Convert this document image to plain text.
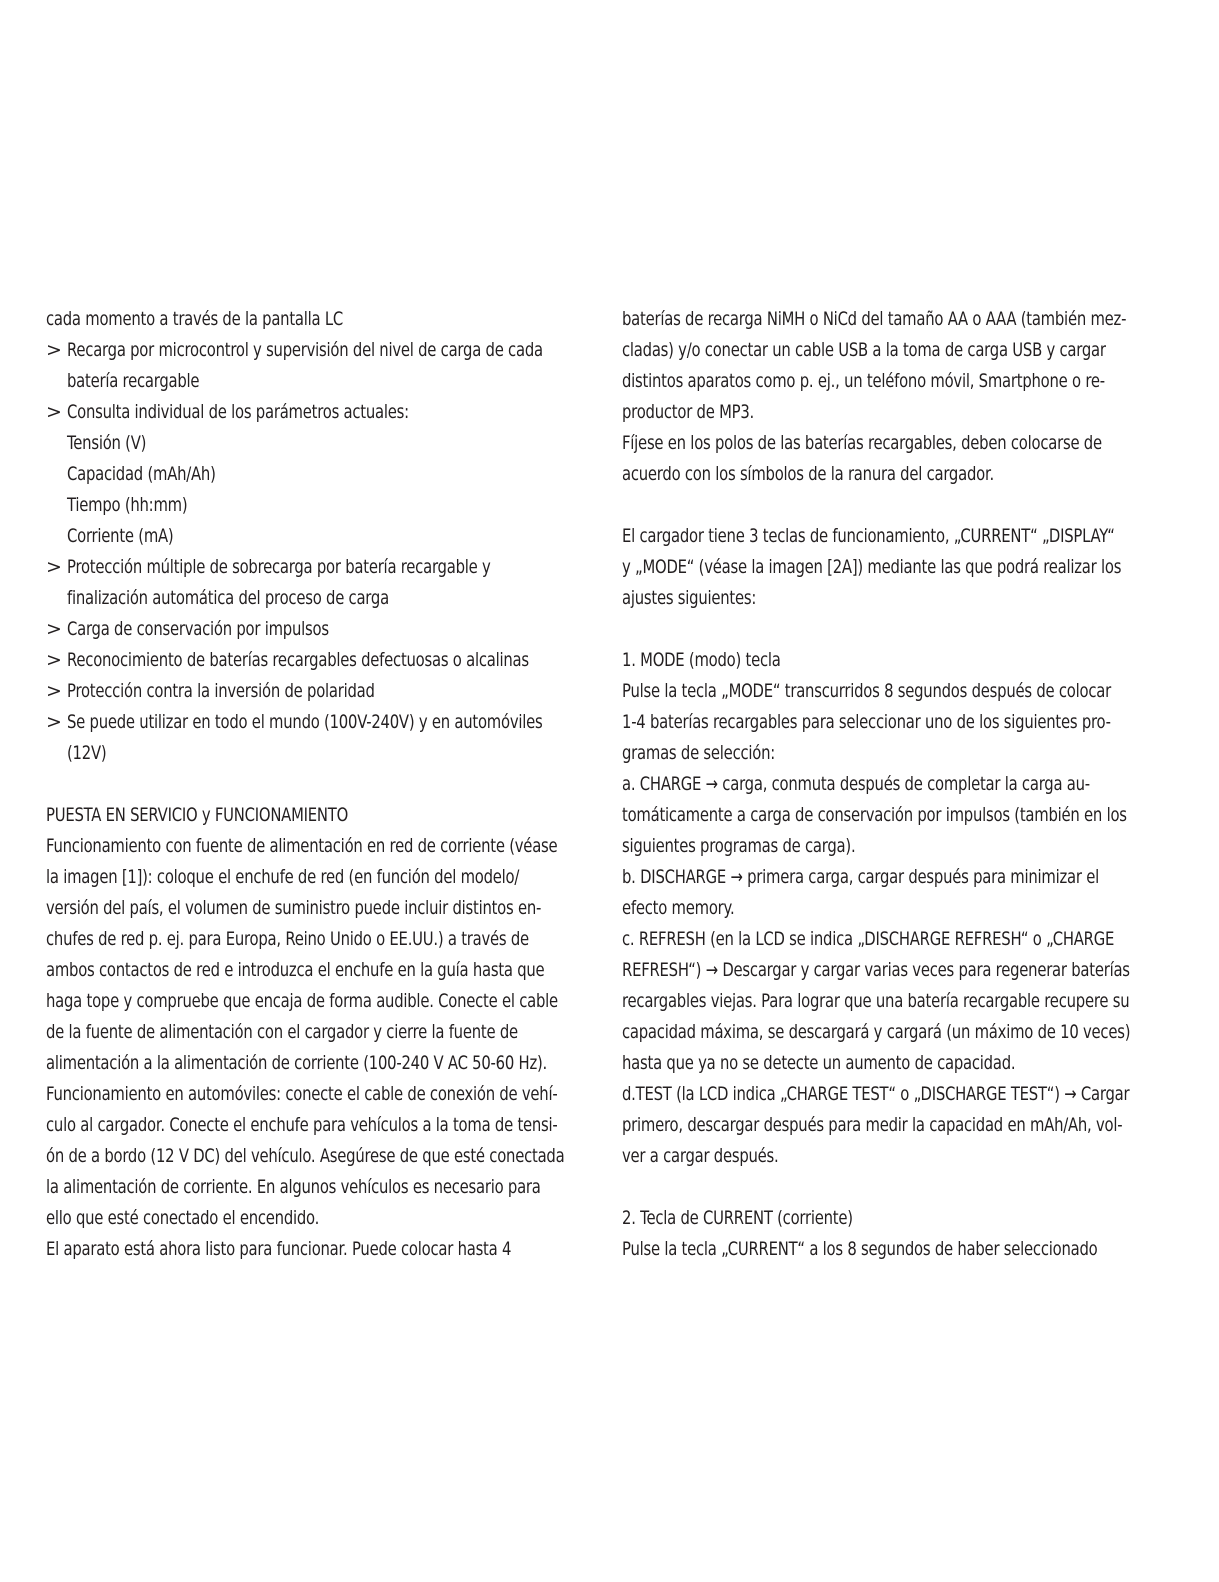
cada momento a través de la pantalla LC
> Recarga por microcontrol y supervisión del nivel de carga de cada
batería recargable
> Consulta individual de los parámetros actuales:
Tensión (V)
Capacidad (mAh/Ah)
Tiempo (hh:mm)
Corriente (mA)
> Protección múltiple de sobrecarga por batería recargable y
finalización automática del proceso de carga
> Carga de conservación por impulsos
> Reconocimiento de baterías recargables defectuosas o alcalinas
> Protección contra la inversión de polaridad
> Se puede utilizar en todo el mundo (100V-240V) y en automóviles
(12V)
PUESTA EN SERVICIO y FUNCIONAMIENTO
Funcionamiento con fuente de alimentación en red de corriente (véase
la imagen [1]): coloque el enchufe de red (en función del modelo/
versión del país, el volumen de suministro puede incluir distintos en-
chufes de red p. ej. para Europa, Reino Unido o EE.UU.) a través de
ambos contactos de red e introduzca el enchufe en la guía hasta que
haga tope y compruebe que encaja de forma audible. Conecte el cable
de la fuente de alimentación con el cargador y cierre la fuente de
alimentación a la alimentación de corriente (100-240 V AC 50-60 Hz).
Funcionamiento en automóviles: conecte el cable de conexión de vehí-
culo al cargador. Conecte el enchufe para vehículos a la toma de tensi-
ón de a bordo (12 V DC) del vehículo. Asegúrese de que esté conectada
la alimentación de corriente. En algunos vehículos es necesario para
ello que esté conectado el encendido.
El aparato está ahora listo para funcionar. Puede colocar hasta 4
baterías de recarga NiMH o NiCd del tamaño AA o AAA (también mez-
cladas) y/o conectar un cable USB a la toma de carga USB y cargar
distintos aparatos como p. ej., un teléfono móvil, Smartphone o re-
productor de MP3.
Fíjese en los polos de las baterías recargables, deben colocarse de
acuerdo con los símbolos de la ranura del cargador.
El cargador tiene 3 teclas de funcionamiento, „CURRENT“ „DISPLAY“
y „MODE“ (véase la imagen [2A]) mediante las que podrá realizar los
ajustes siguientes:
1. MODE (modo) tecla
Pulse la tecla „MODE“ transcurridos 8 segundos después de colocar
1-4 baterías recargables para seleccionar uno de los siguientes pro-
gramas de selección:
a. CHARGE → carga, conmuta después de completar la carga au-
tomáticamente a carga de conservación por impulsos (también en los
siguientes programas de carga).
b. DISCHARGE → primera carga, cargar después para minimizar el
efecto memory.
c. REFRESH (en la LCD se indica „DISCHARGE REFRESH“ o „CHARGE
REFRESH“) → Descargar y cargar varias veces para regenerar baterías
recargables viejas. Para lograr que una batería recargable recupere su
capacidad máxima, se descargará y cargará (un máximo de 10 veces)
hasta que ya no se detecte un aumento de capacidad.
d.TEST (la LCD indica „CHARGE TEST“ o „DISCHARGE TEST“) → Cargar
primero, descargar después para medir la capacidad en mAh/Ah, vol-
ver a cargar después.
2. Tecla de CURRENT (corriente)
Pulse la tecla „CURRENT“ a los 8 segundos de haber seleccionado
